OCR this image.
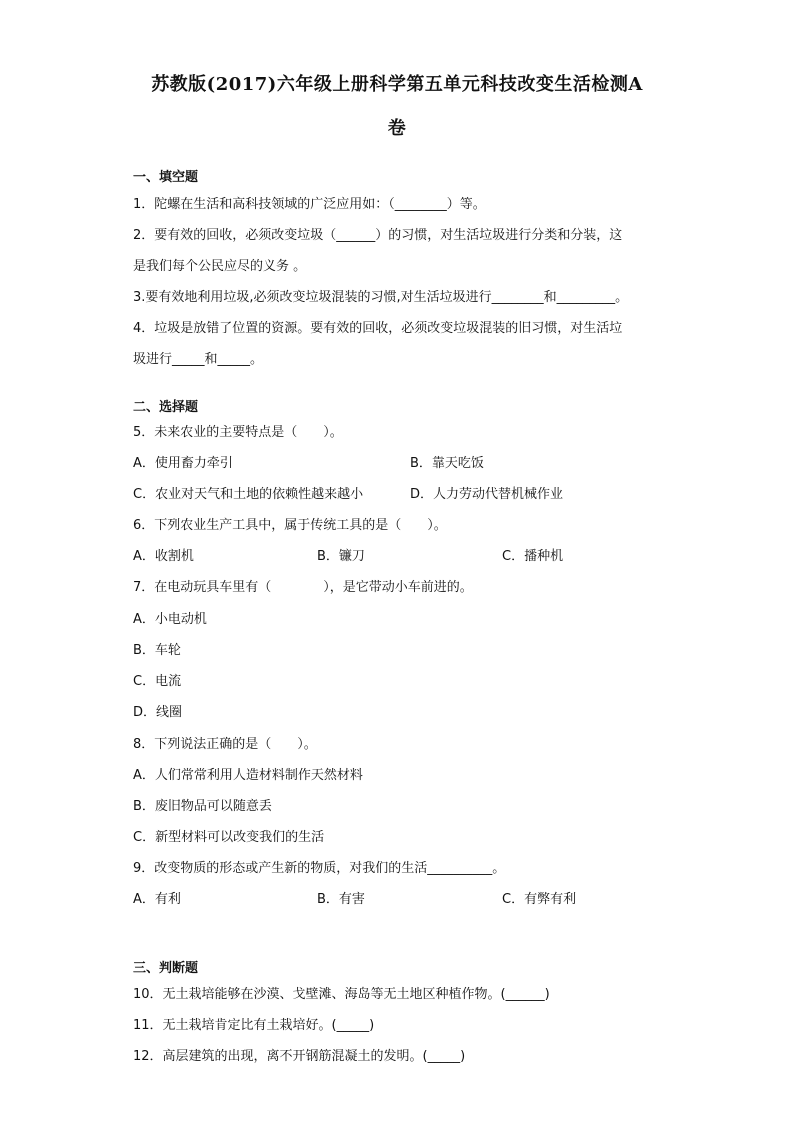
苏教版(2017)六年级上册科学第五单元科技改变生活检测A
卷
一、填空题
1．陀螺在生活和高科技领域的广泛应用如：（________）等。
2．要有效的回收，必须改变垃圾（______）的习惯，对生活垃圾进行分类和分装，这
是我们每个公民应尽的义务 。
3.要有效地利用垃圾,必须改变垃圾混装的习惯,对生活垃圾进行________和_________。
4．垃圾是放错了位置的资源。要有效的回收，必须改变垃圾混装的旧习惯，对生活垃
圾进行_____和_____。
二、选择题
5．未来农业的主要特点是（　　）。
A．使用畜力牵引	B．靠天吃饭
C．农业对天气和土地的依赖性越来越小	D．人力劳动代替机械作业
6．下列农业生产工具中，属于传统工具的是（　　）。
A．收割机	B．镰刀	C．播种机
7．在电动玩具车里有（　　　　），是它带动小车前进的。
A．小电动机
B．车轮
C．电流
D．线圈
8．下列说法正确的是（　　）。
A．人们常常利用人造材料制作天然材料
B．废旧物品可以随意丢
C．新型材料可以改变我们的生活
9．改变物质的形态或产生新的物质，对我们的生活__________。
A．有利	B．有害	C．有弊有利
三、判断题
10．无土栽培能够在沙漠、戈壁滩、海岛等无土地区种植作物。(______)
11．无土栽培肯定比有土栽培好。(_____)
12．高层建筑的出现，离不开钢筋混凝土的发明。(_____)
